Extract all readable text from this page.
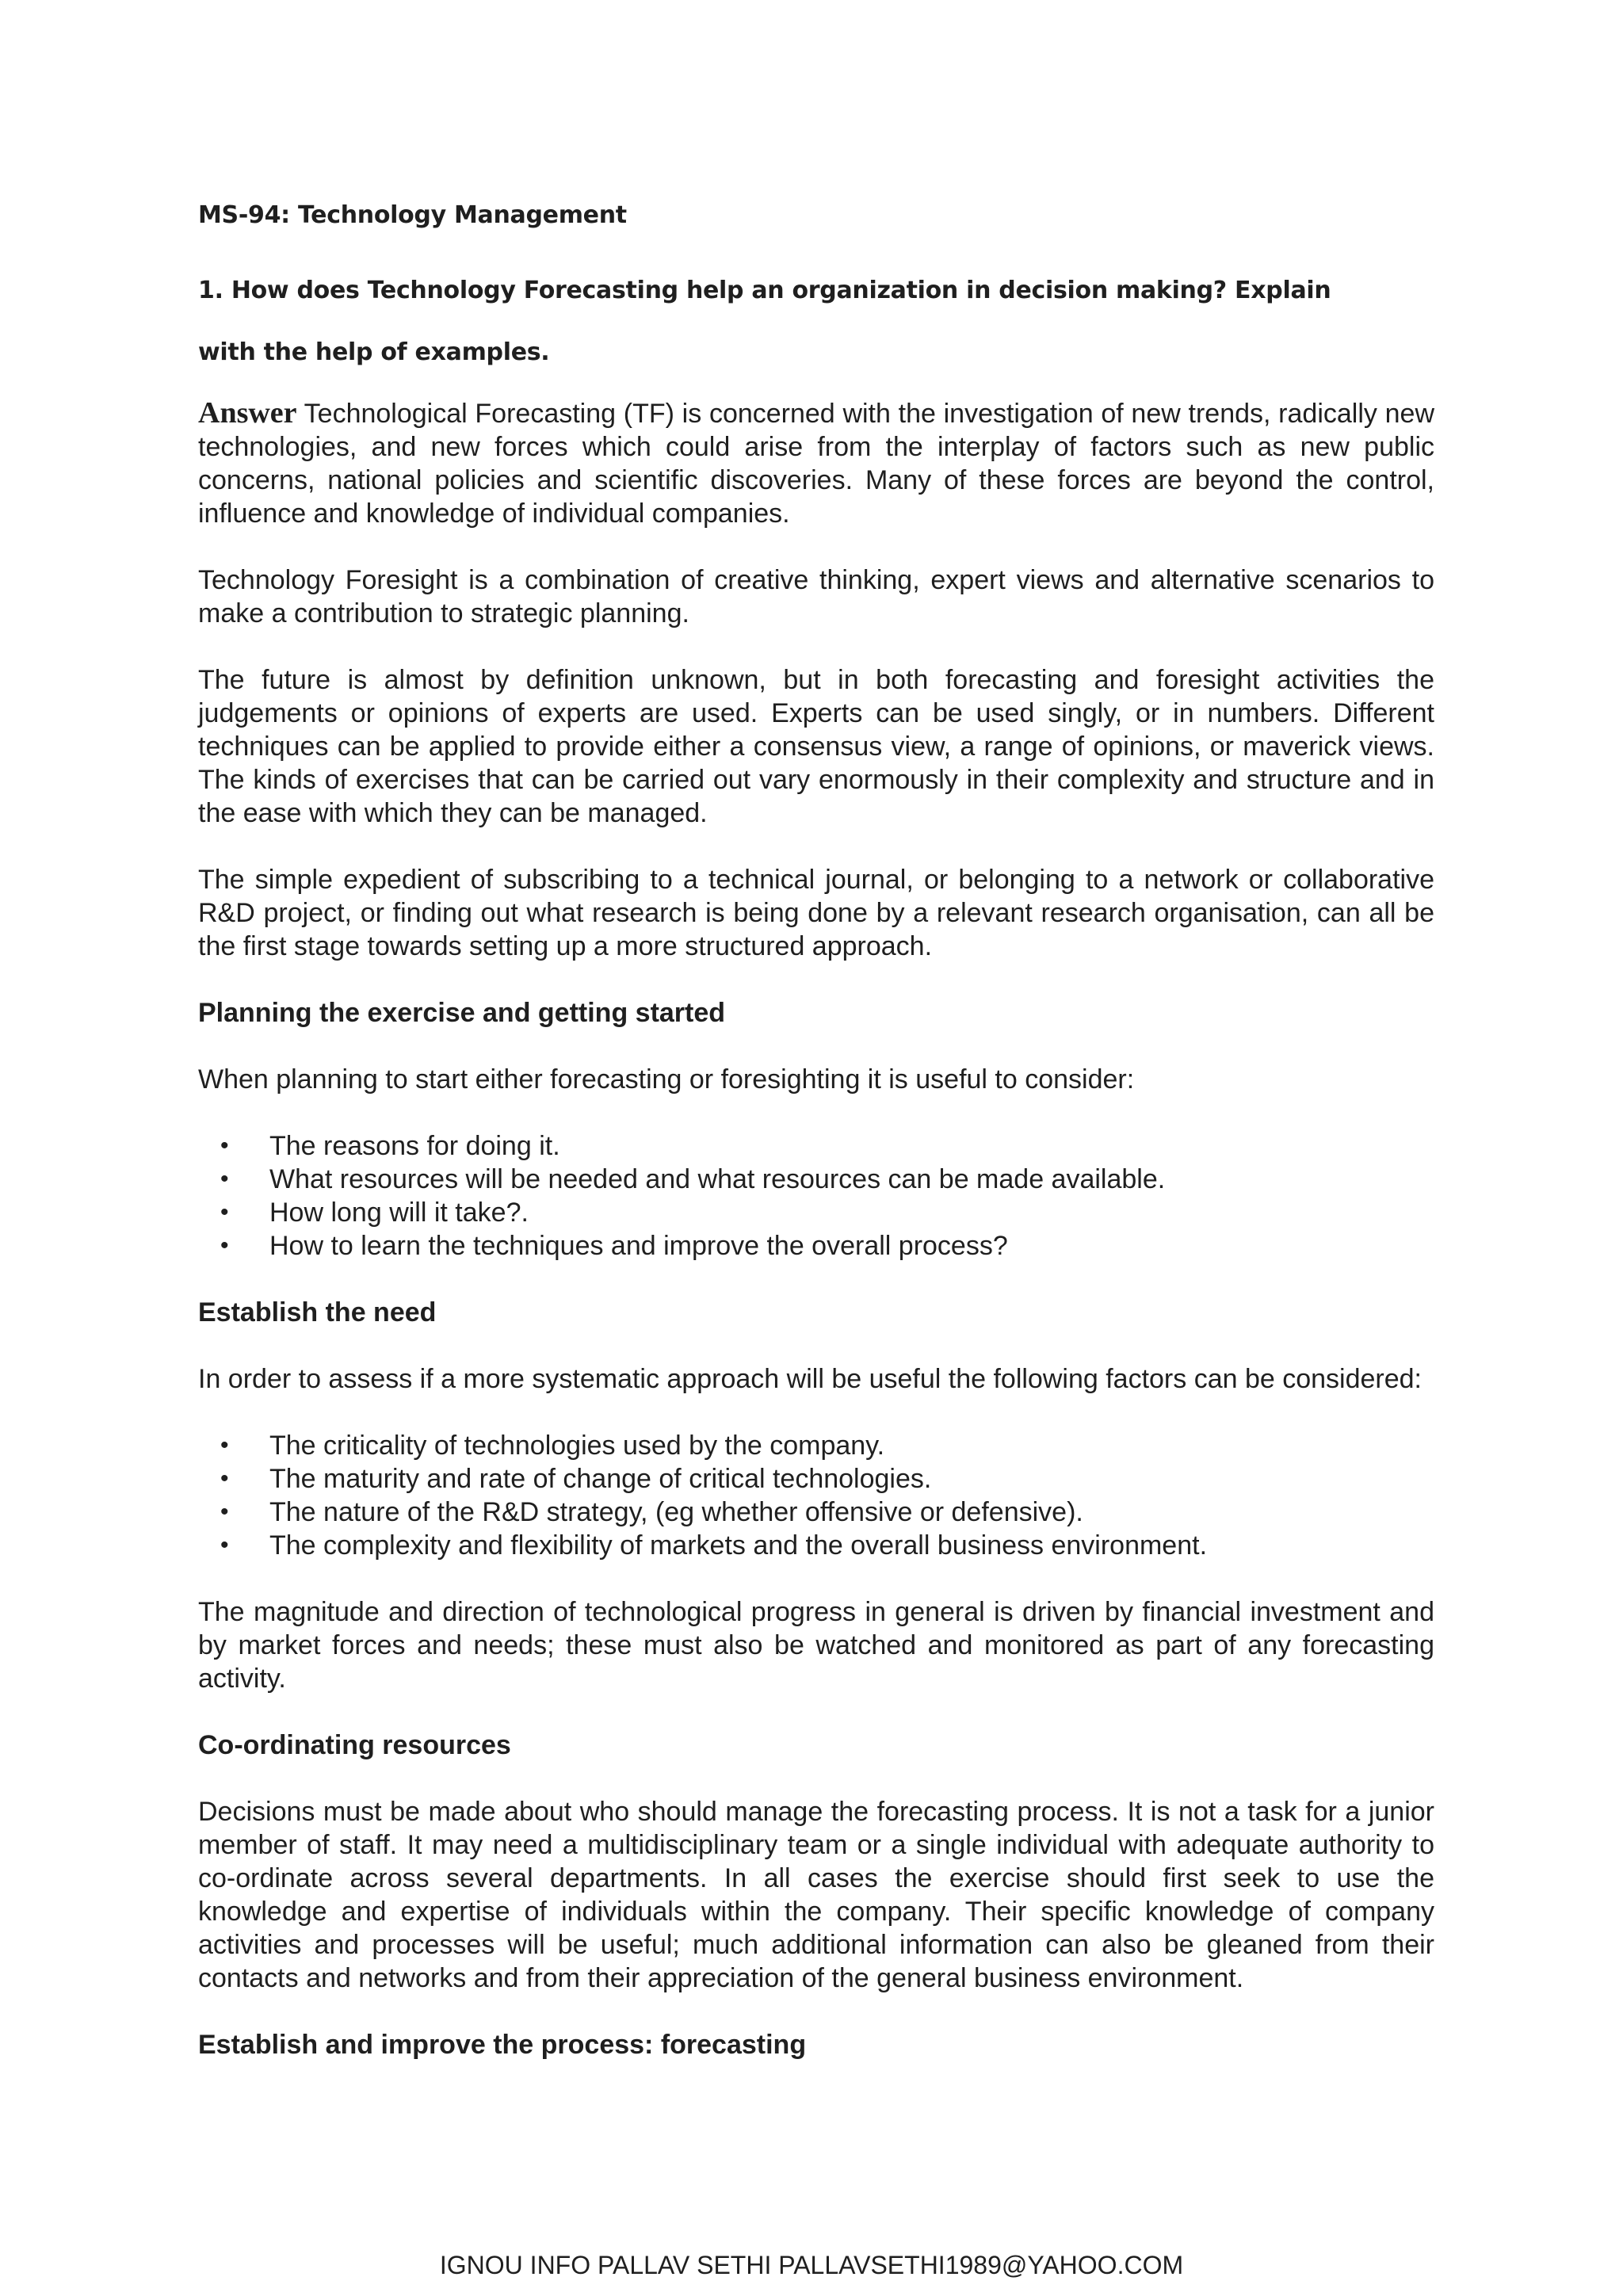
MS-94: Technology Management

1. How does Technology Forecasting help an organization in decision making? Explain
with the help of examples.

Answer Technological Forecasting (TF) is concerned with the investigation of new trends, radically new technologies, and new forces which could arise from the interplay of factors such as new public concerns, national policies and scientific discoveries. Many of these forces are beyond the control, influence and knowledge of individual companies.

Technology Foresight is a combination of creative thinking, expert views and alternative scenarios to make a contribution to strategic planning.

The future is almost by definition unknown, but in both forecasting and foresight activities the judgements or opinions of experts are used. Experts can be used singly, or in numbers. Different techniques can be applied to provide either a consensus view, a range of opinions, or maverick views. The kinds of exercises that can be carried out vary enormously in their complexity and structure and in the ease with which they can be managed.

The simple expedient of subscribing to a technical journal, or belonging to a network or collaborative R&D project, or finding out what research is being done by a relevant research organisation, can all be the first stage towards setting up a more structured approach.

Planning the exercise and getting started

When planning to start either forecasting or foresighting it is useful to consider:

• The reasons for doing it.
• What resources will be needed and what resources can be made available.
• How long will it take?.
• How to learn the techniques and improve the overall process?

Establish the need

In order to assess if a more systematic approach will be useful the following factors can be considered:

• The criticality of technologies used by the company.
• The maturity and rate of change of critical technologies.
• The nature of the R&D strategy, (eg whether offensive or defensive).
• The complexity and flexibility of markets and the overall business environment.

The magnitude and direction of technological progress in general is driven by financial investment and by market forces and needs; these must also be watched and monitored as part of any forecasting activity.

Co-ordinating resources

Decisions must be made about who should manage the forecasting process. It is not a task for a junior member of staff. It may need a multidisciplinary team or a single individual with adequate authority to co-ordinate across several departments. In all cases the exercise should first seek to use the knowledge and expertise of individuals within the company. Their specific knowledge of company activities and processes will be useful; much additional information can also be gleaned from their contacts and networks and from their appreciation of the general business environment.

Establish and improve the process: forecasting

IGNOU INFO PALLAV SETHI PALLAVSETHI1989@YAHOO.COM
